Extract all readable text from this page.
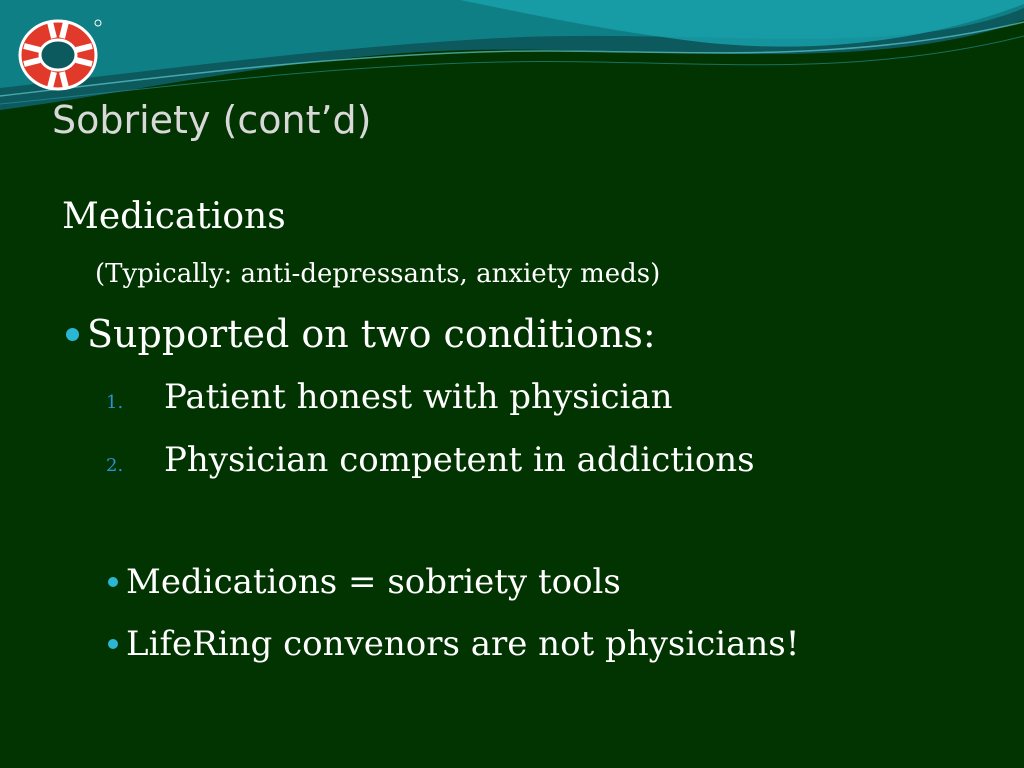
Sobriety (cont’d)
Medications
(Typically: anti-depressants, anxiety meds)
Supported on two conditions:
1.	Patient honest with physician
2.	Physician competent in addictions
Medications = sobriety tools
LifeRing convenors are not physicians!
